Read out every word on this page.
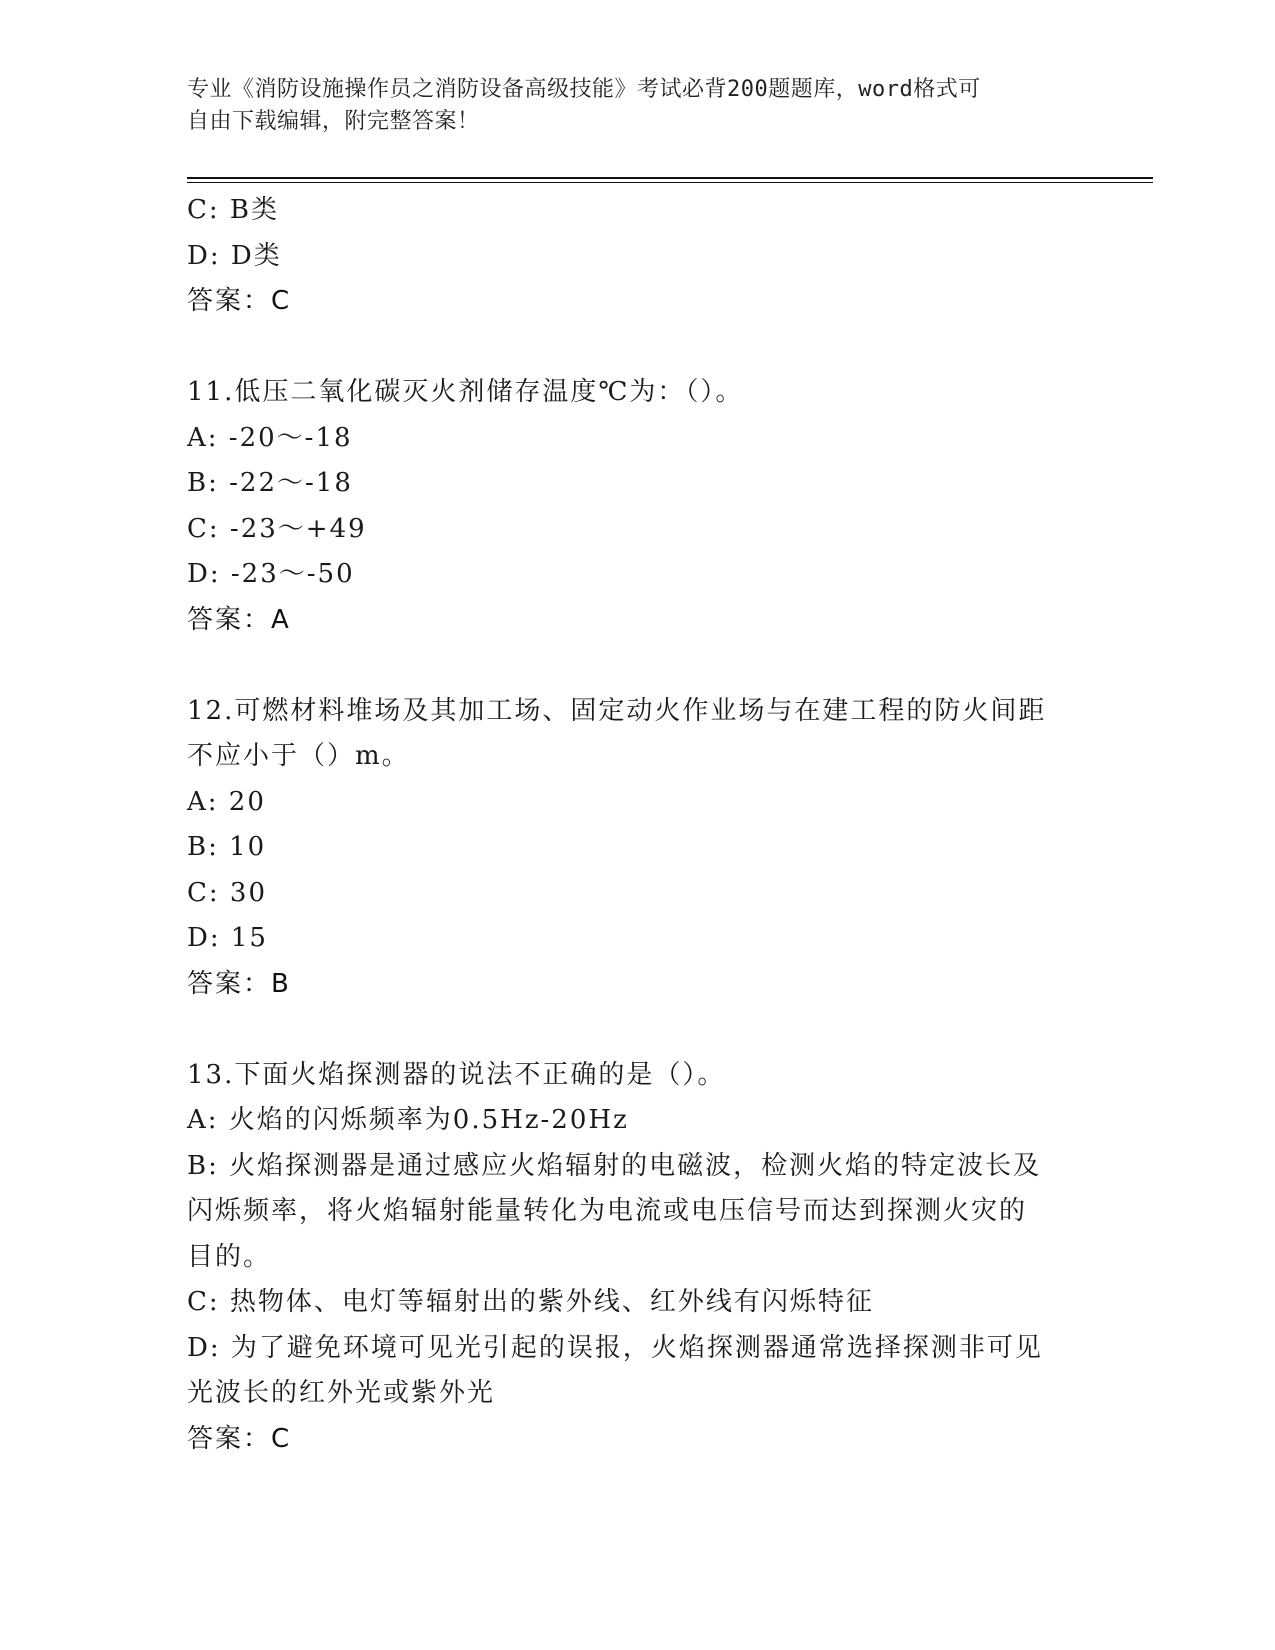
专业《消防设施操作员之消防设备高级技能》考试必背200题题库，word格式可
自由下载编辑，附完整答案！
C: B类
D: D类
答案：C
11.低压二氧化碳灭火剂储存温度℃为：（）。
A: -20～-18
B: -22～-18
C: -23～+49
D: -23～-50
答案：A
12.可燃材料堆场及其加工场、固定动火作业场与在建工程的防火间距
不应小于（）m。
A: 20
B: 10
C: 30
D: 15
答案：B
13.下面火焰探测器的说法不正确的是（）。
A: 火焰的闪烁频率为0.5Hz-20Hz
B: 火焰探测器是通过感应火焰辐射的电磁波，检测火焰的特定波长及
闪烁频率，将火焰辐射能量转化为电流或电压信号而达到探测火灾的
目的。
C: 热物体、电灯等辐射出的紫外线、红外线有闪烁特征
D: 为了避免环境可见光引起的误报，火焰探测器通常选择探测非可见
光波长的红外光或紫外光
答案：C
